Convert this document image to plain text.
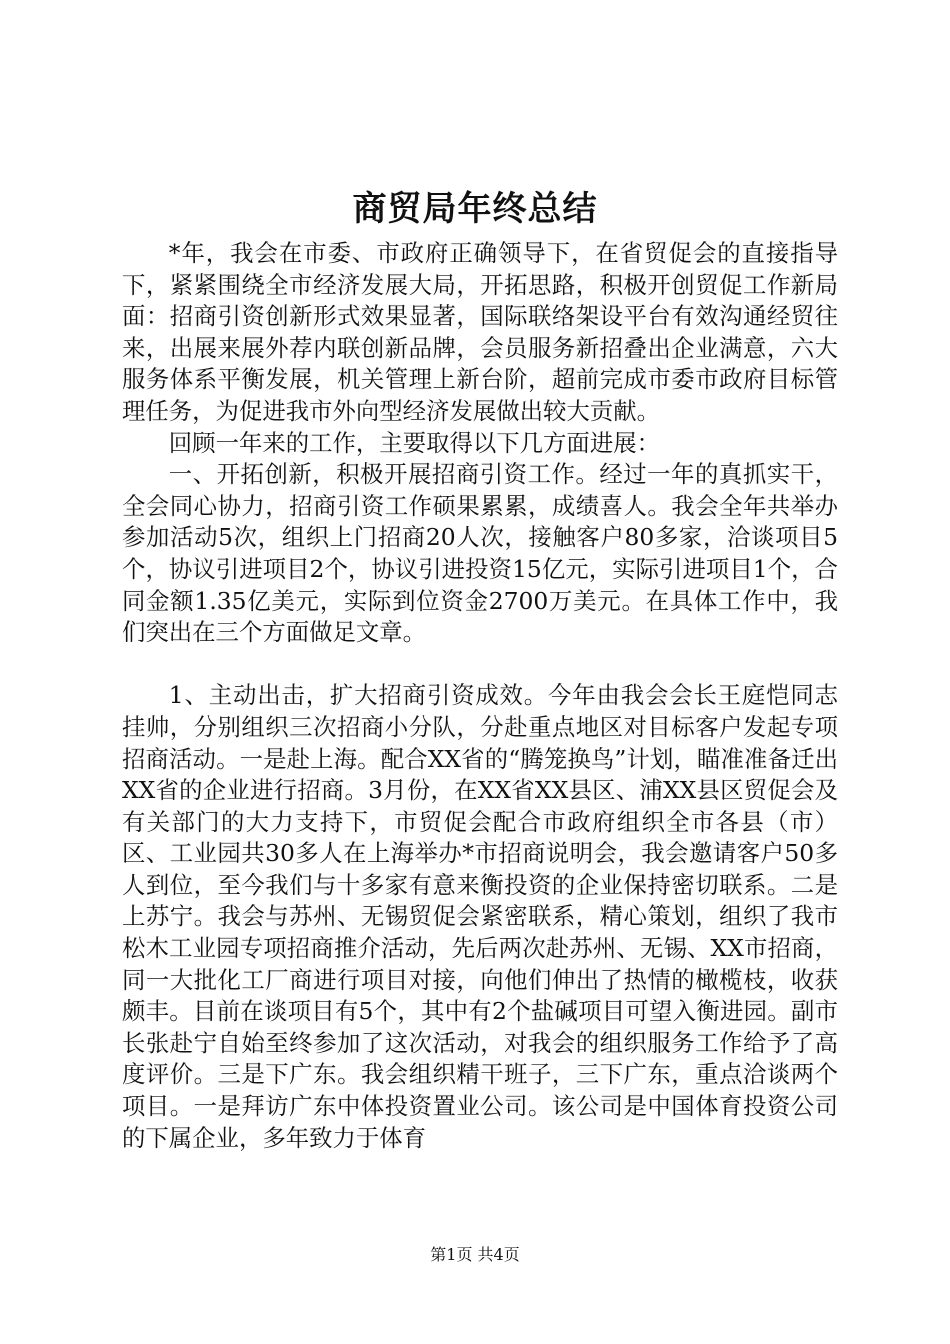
商贸局年终总结

*年，我会在市委、市政府正确领导下，在省贸促会的直接指导下，紧紧围绕全市经济发展大局，开拓思路，积极开创贸促工作新局面：招商引资创新形式效果显著，国际联络架设平台有效沟通经贸往来，出展来展外荐内联创新品牌，会员服务新招叠出企业满意，六大服务体系平衡发展，机关管理上新台阶，超前完成市委市政府目标管理任务，为促进我市外向型经济发展做出较大贡献。

回顾一年来的工作，主要取得以下几方面进展：

一、开拓创新，积极开展招商引资工作。经过一年的真抓实干，全会同心协力，招商引资工作硕果累累，成绩喜人。我会全年共举办参加活动5次，组织上门招商20人次，接触客户80多家，洽谈项目5个，协议引进项目2个，协议引进投资15亿元，实际引进项目1个，合同金额1.35亿美元，实际到位资金2700万美元。在具体工作中，我们突出在三个方面做足文章。

1、主动出击，扩大招商引资成效。今年由我会会长王庭恺同志挂帅，分别组织三次招商小分队，分赴重点地区对目标客户发起专项招商活动。一是赴上海。配合XX省的“腾笼换鸟”计划，瞄准准备迁出XX省的企业进行招商。3月份，在XX省XX县区、浦XX县区贸促会及有关部门的大力支持下，市贸促会配合市政府组织全市各县（市）区、工业园共30多人在上海举办*市招商说明会，我会邀请客户50多人到位，至今我们与十多家有意来衡投资的企业保持密切联系。二是上苏宁。我会与苏州、无锡贸促会紧密联系，精心策划，组织了我市松木工业园专项招商推介活动，先后两次赴苏州、无锡、XX市招商，同一大批化工厂商进行项目对接，向他们伸出了热情的橄榄枝，收获颇丰。目前在谈项目有5个，其中有2个盐碱项目可望入衡进园。副市长张赴宁自始至终参加了这次活动，对我会的组织服务工作给予了高度评价。三是下广东。我会组织精干班子，三下广东，重点洽谈两个项目。一是拜访广东中体投资置业公司。该公司是中国体育投资公司的下属企业，多年致力于体育

第1页 共4页
